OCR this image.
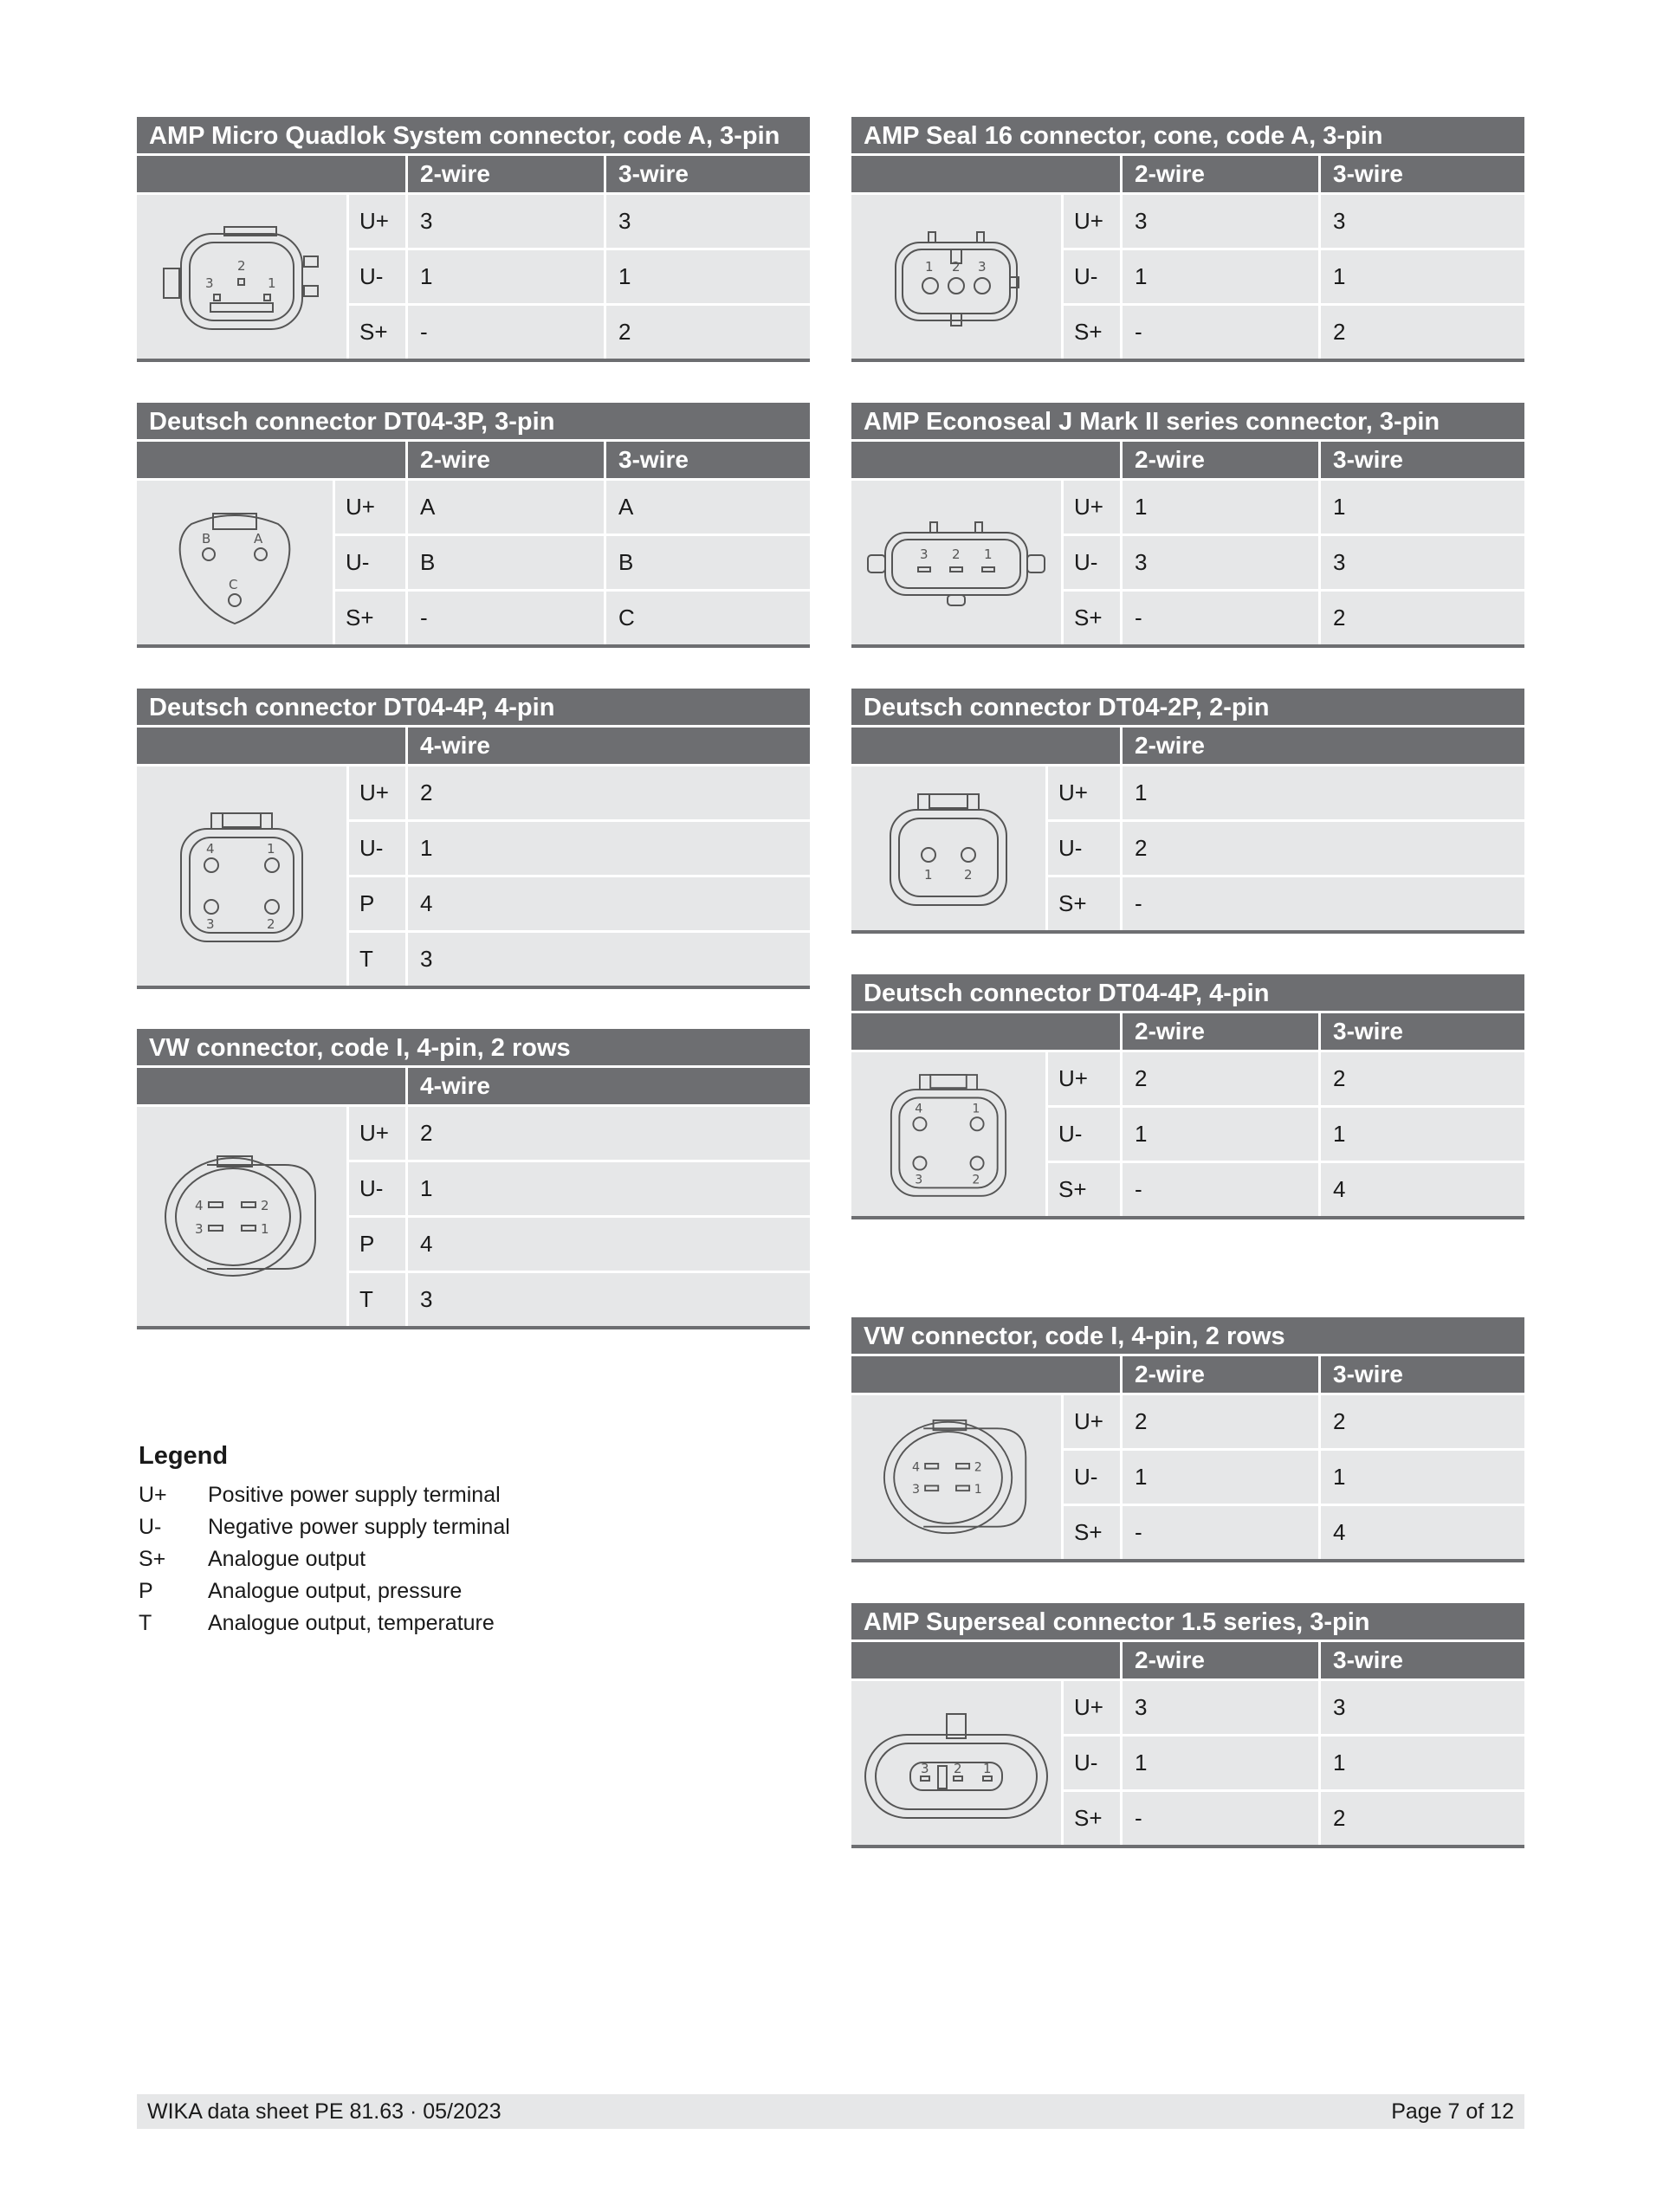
AMP Micro Quadlok System connector, code A, 3-pin
2-wire	3-wire
2
3	1
U+	3	3
U-	1	1
S+	-	2
AMP Seal 16 connector, cone, code A, 3-pin
2-wire	3-wire
1 2 3
U+	3	3
U-	1	1
S+	-	2
Deutsch connector DT04-3P, 3-pin
2-wire	3-wire
B	A
C
U+	A	A
U-	B	B
S+	-	C
AMP Econoseal J Mark II series connector, 3-pin
2-wire	3-wire
3 2 1
U+	1	1
U-	3	3
S+	-	2
Deutsch connector DT04-4P, 4-pin
4-wire
4	1
3	2
U+	2
U-	1
P	4
T	3
Deutsch connector DT04-2P, 2-pin
2-wire
1 2
U+	1
U-	2
S+	-
Deutsch connector DT04-4P, 4-pin
2-wire	3-wire
4	1
3	2
U+	2	2
U-	1	1
S+	-	4
VW connector, code I, 4-pin, 2 rows
4-wire
4	2
3	1
U+	2
U-	1
P	4
T	3
VW connector, code I, 4-pin, 2 rows
2-wire	3-wire
4	2
3	1
U+	2	2
U-	1	1
S+	-	4
AMP Superseal connector 1.5 series, 3-pin
2-wire	3-wire
3 2 1
U+	3	3
U-	1	1
S+	-	2
Legend
U+	Positive power supply terminal
U-	Negative power supply terminal
S+	Analogue output
P	Analogue output, pressure
T	Analogue output, temperature
WIKA data sheet PE 81.63 · 05/2023	Page 7 of 12
